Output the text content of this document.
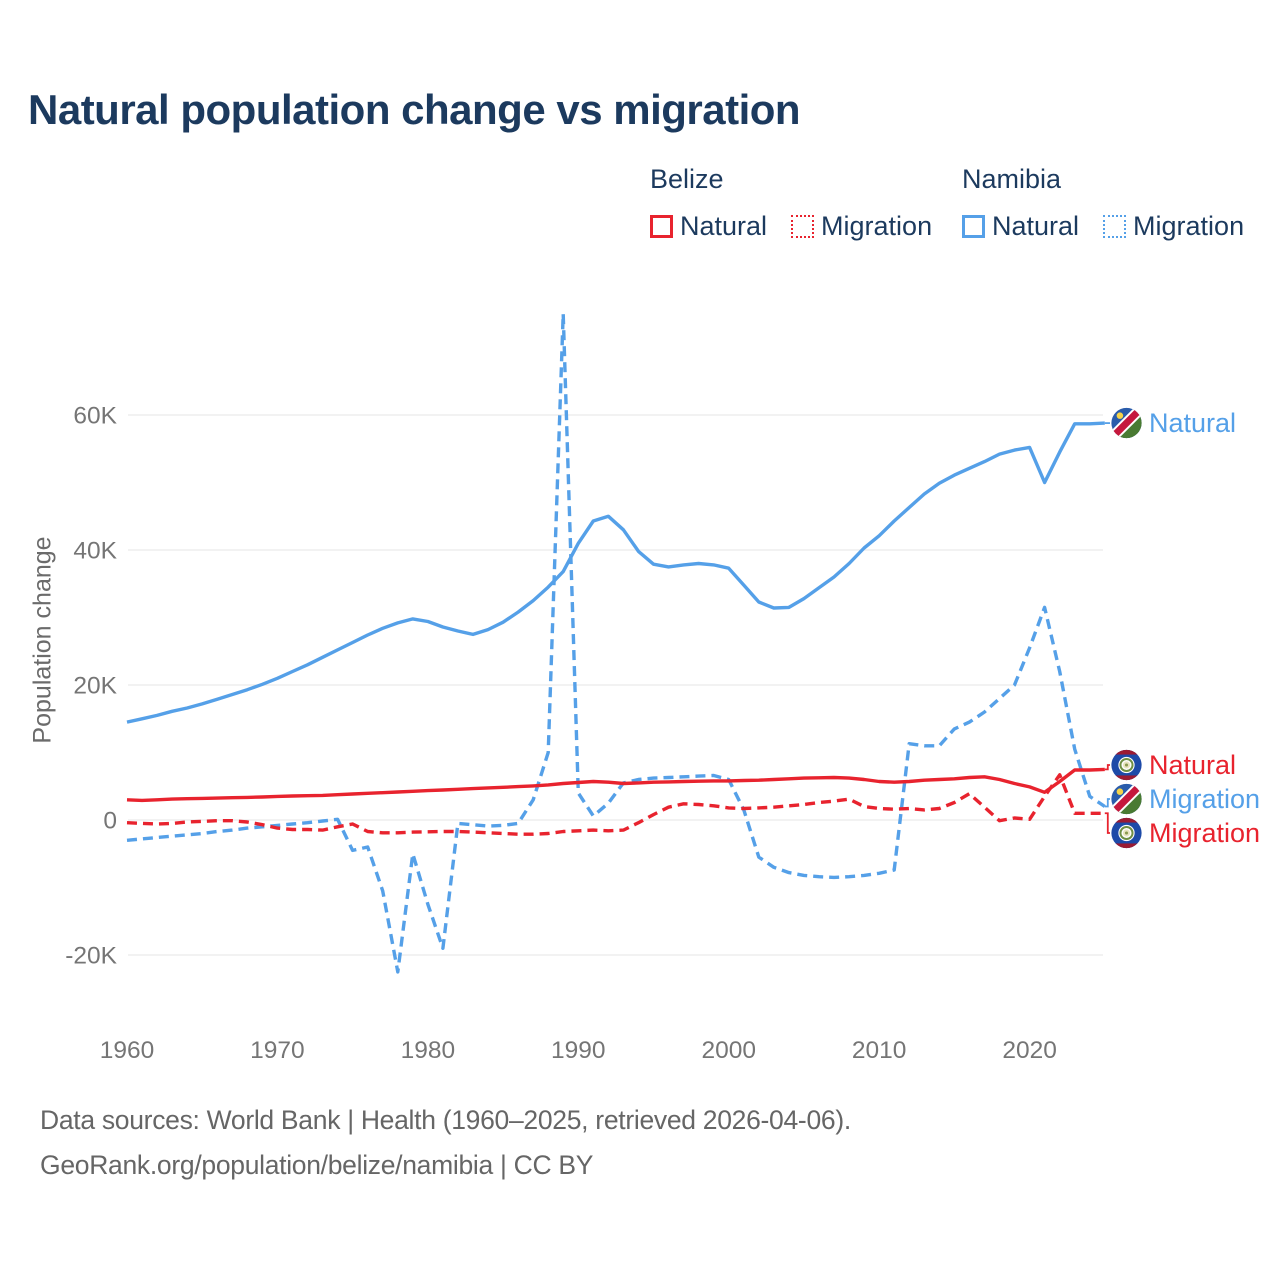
Natural population change vs migration
Belize
Natural Migration
Namibia
Natural Migration
Population change
60K
40K
20K
0
-20K
1960	1970	1980	1990	2000	2010	2020
Natural
Natural
Migration
Migration
Data sources: World Bank | Health (1960–2025, retrieved 2026-04-06).
GeoRank.org/population/belize/namibia | CC BY
